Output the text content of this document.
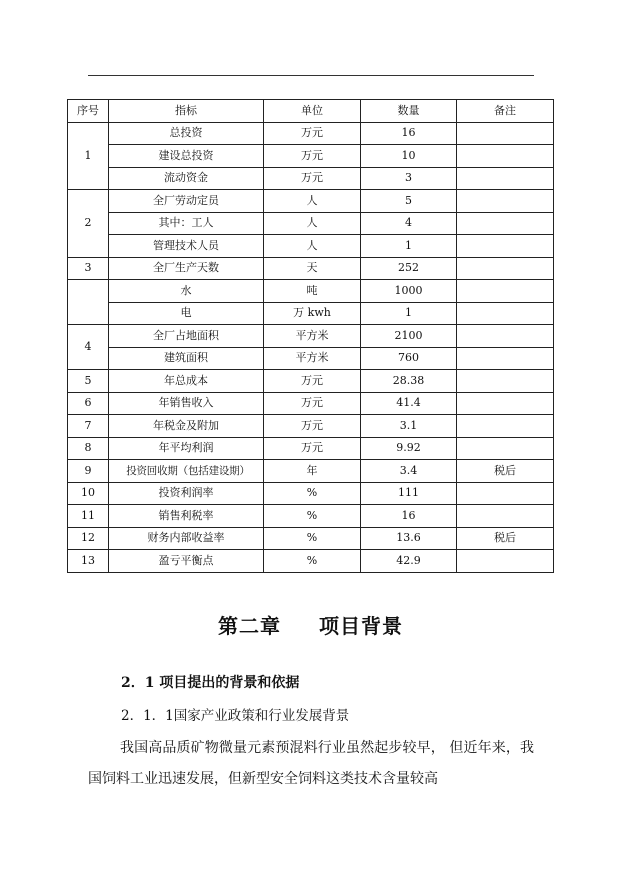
序号	指标	单位	数量	备注
1	总投资	万元	16	
	建设总投资	万元	10	
	流动资金	万元	3	
2	全厂劳动定员	人	5	
	其中：工人	人	4	
	管理技术人员	人	1	
3	全厂生产天数	天	252	
	水	吨	1000	
	电	万 kwh	1	
4	全厂占地面积	平方米	2100	
	建筑面积	平方米	760	
5	年总成本	万元	28.38	
6	年销售收入	万元	41.4	
7	年税金及附加	万元	3.1	
8	年平均利润	万元	9.92	
9	投资回收期（包括建设期）	年	3.4	税后
10	投资利润率	%	111	
11	销售利税率	%	16	
12	财务内部收益率	%	13.6	税后
13	盈亏平衡点	%	42.9	
第二章 项目背景
2．1 项目提出的背景和依据
2．1．1国家产业政策和行业发展背景
我国高品质矿物微量元素预混料行业虽然起步较早， 但近年来，我国饲料工业迅速发展，但新型安全饲料这类技术含量较高
